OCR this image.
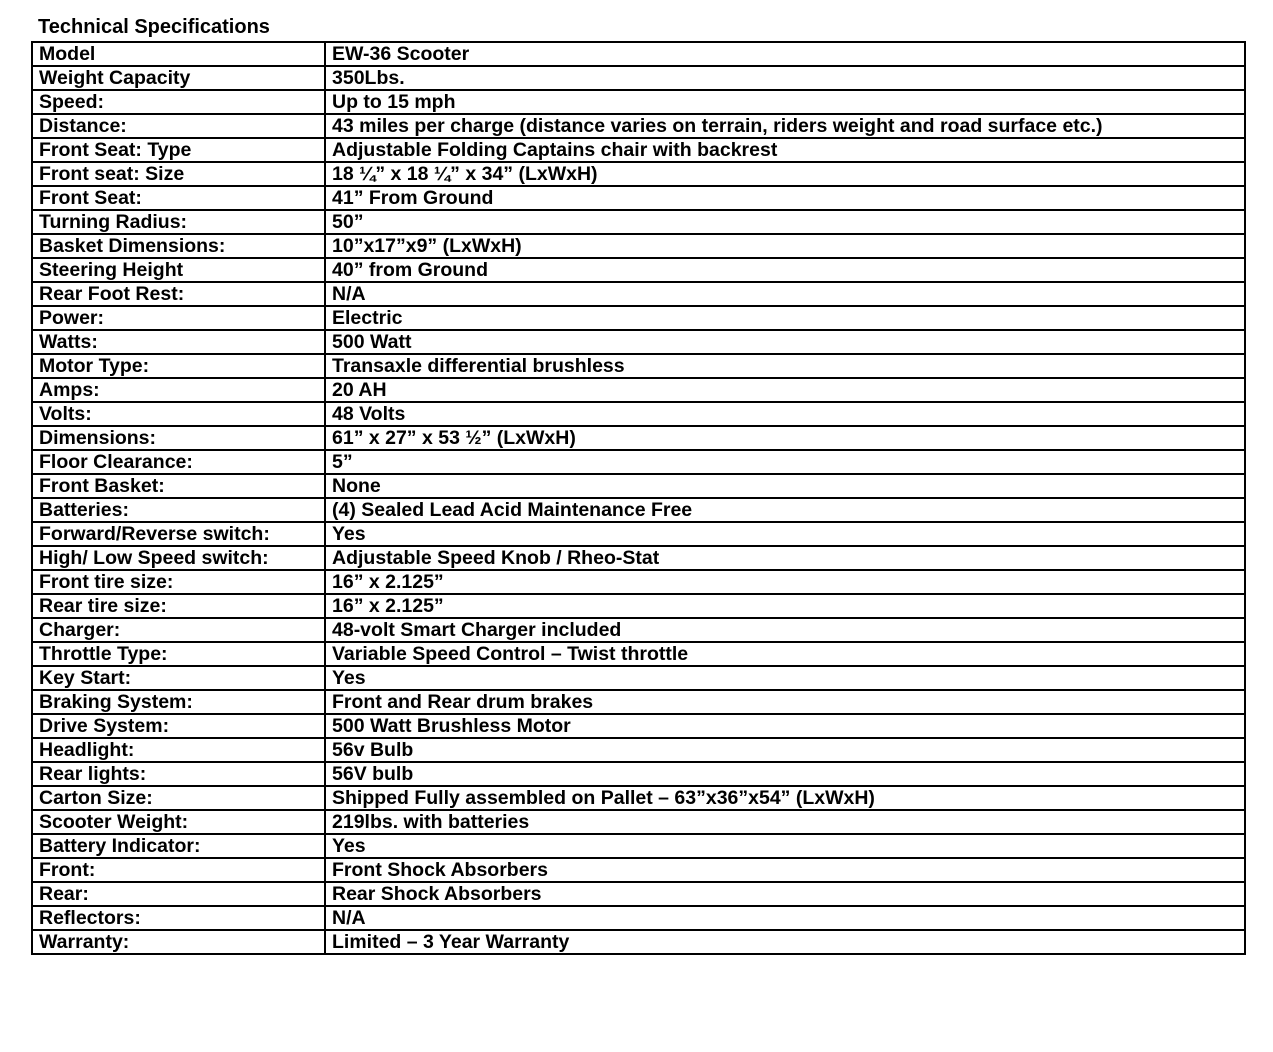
Technical Specifications
Model	EW-36 Scooter
Weight Capacity	350Lbs.
Speed:	Up to 15 mph
Distance:	43 miles per charge (distance varies on terrain, riders weight and road surface etc.)
Front Seat: Type	Adjustable Folding Captains chair with backrest
Front seat: Size	18 ¼” x 18 ¼” x 34” (LxWxH)
Front Seat:	41” From Ground
Turning Radius:	50”
Basket Dimensions:	10”x17”x9” (LxWxH)
Steering Height	40” from Ground
Rear Foot Rest:	N/A
Power:	Electric
Watts:	500 Watt
Motor Type:	Transaxle differential brushless
Amps:	20 AH
Volts:	48 Volts
Dimensions:	61” x 27” x 53 ½” (LxWxH)
Floor Clearance:	5”
Front Basket:	None
Batteries:	(4) Sealed Lead Acid Maintenance Free
Forward/Reverse switch:	Yes
High/ Low Speed switch:	Adjustable Speed Knob / Rheo-Stat
Front tire size:	16” x 2.125”
Rear tire size:	16” x 2.125”
Charger:	48-volt Smart Charger included
Throttle Type:	Variable Speed Control – Twist throttle
Key Start:	Yes
Braking System:	Front and Rear drum brakes
Drive System:	500 Watt Brushless Motor
Headlight:	56v Bulb
Rear lights:	56V bulb
Carton Size:	Shipped Fully assembled on Pallet – 63”x36”x54” (LxWxH)
Scooter Weight:	219lbs. with batteries
Battery Indicator:	Yes
Front:	Front Shock Absorbers
Rear:	Rear Shock Absorbers
Reflectors:	N/A
Warranty:	Limited – 3 Year Warranty
